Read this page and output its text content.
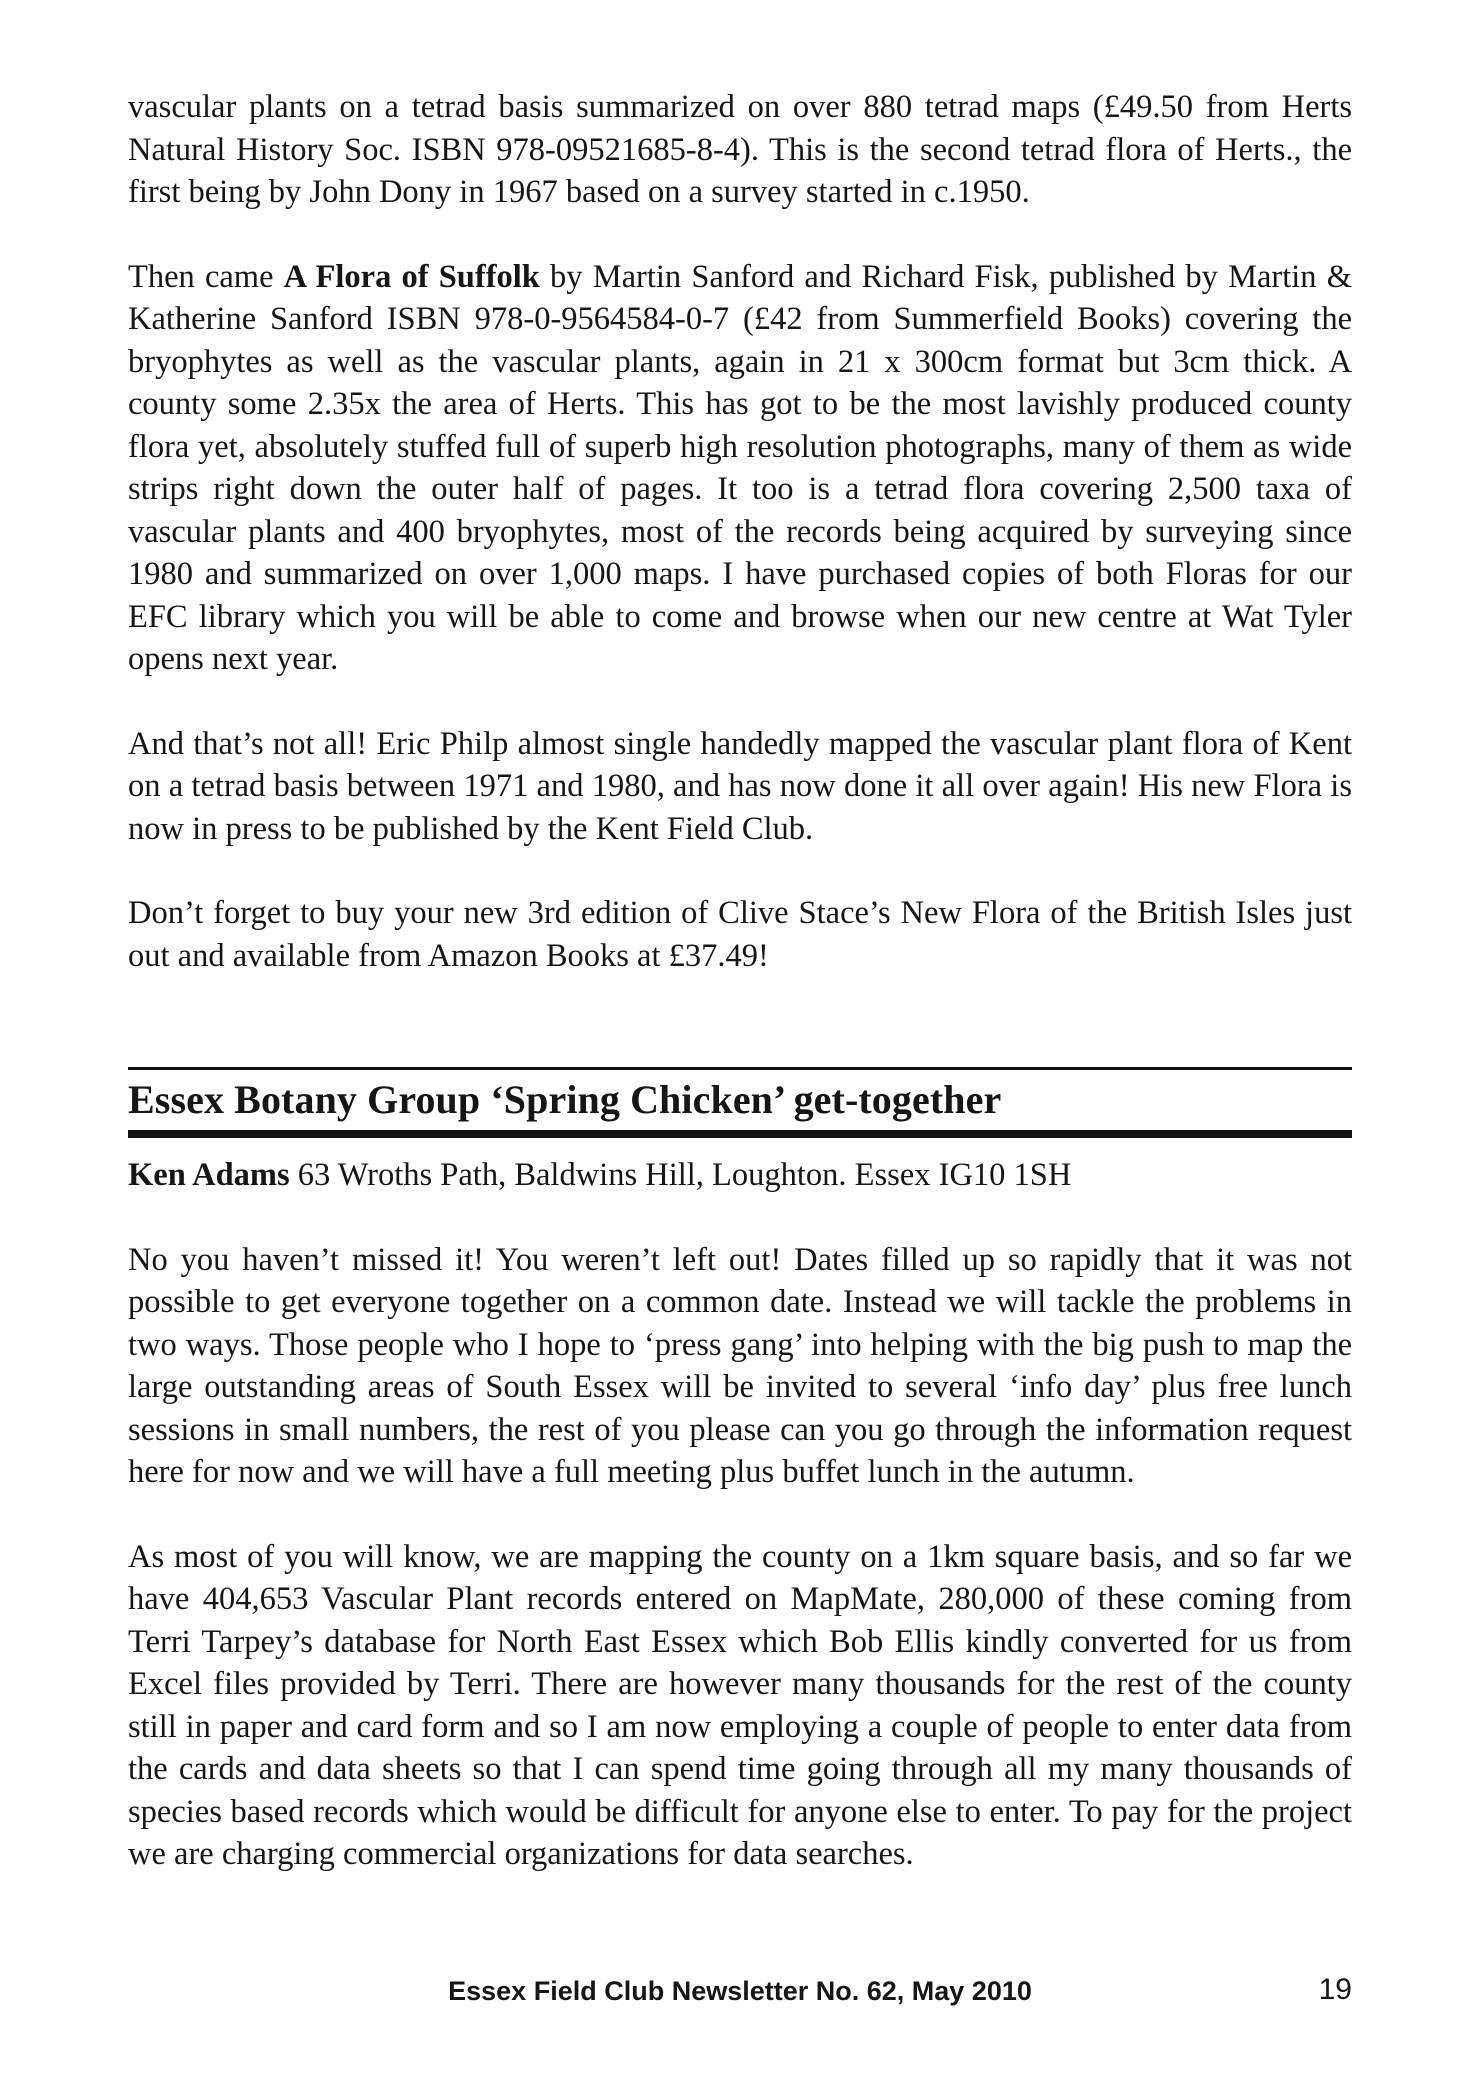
vascular plants on a tetrad basis summarized on over 880 tetrad maps (£49.50 from Herts Natural History Soc. ISBN 978-09521685-8-4). This is the second tetrad flora of Herts., the first being by John Dony in 1967 based on a survey started in c.1950.

Then came A Flora of Suffolk by Martin Sanford and Richard Fisk, published by Martin & Katherine Sanford ISBN 978-0-9564584-0-7 (£42 from Summerfield Books) covering the bryophytes as well as the vascular plants, again in 21 x 300cm format but 3cm thick. A county some 2.35x the area of Herts. This has got to be the most lavishly produced county flora yet, absolutely stuffed full of superb high resolution photographs, many of them as wide strips right down the outer half of pages. It too is a tetrad flora covering 2,500 taxa of vascular plants and 400 bryophytes, most of the records being acquired by surveying since 1980 and summarized on over 1,000 maps. I have purchased copies of both Floras for our EFC library which you will be able to come and browse when our new centre at Wat Tyler opens next year.

And that’s not all! Eric Philp almost single handedly mapped the vascular plant flora of Kent on a tetrad basis between 1971 and 1980, and has now done it all over again! His new Flora is now in press to be published by the Kent Field Club.

Don’t forget to buy your new 3rd edition of Clive Stace’s New Flora of the British Isles just out and available from Amazon Books at £37.49!

Essex Botany Group ‘Spring Chicken’ get-together

Ken Adams 63 Wroths Path, Baldwins Hill, Loughton. Essex IG10 1SH

No you haven’t missed it! You weren’t left out! Dates filled up so rapidly that it was not possible to get everyone together on a common date. Instead we will tackle the problems in two ways. Those people who I hope to ‘press gang’ into helping with the big push to map the large outstanding areas of South Essex will be invited to several ‘info day’ plus free lunch sessions in small numbers, the rest of you please can you go through the information request here for now and we will have a full meeting plus buffet lunch in the autumn.

As most of you will know, we are mapping the county on a 1km square basis, and so far we have 404,653 Vascular Plant records entered on MapMate, 280,000 of these coming from Terri Tarpey’s database for North East Essex which Bob Ellis kindly converted for us from Excel files provided by Terri. There are however many thousands for the rest of the county still in paper and card form and so I am now employing a couple of people to enter data from the cards and data sheets so that I can spend time going through all my many thousands of species based records which would be difficult for anyone else to enter. To pay for the project we are charging commercial organizations for data searches.

Essex Field Club Newsletter No. 62, May 2010	19
